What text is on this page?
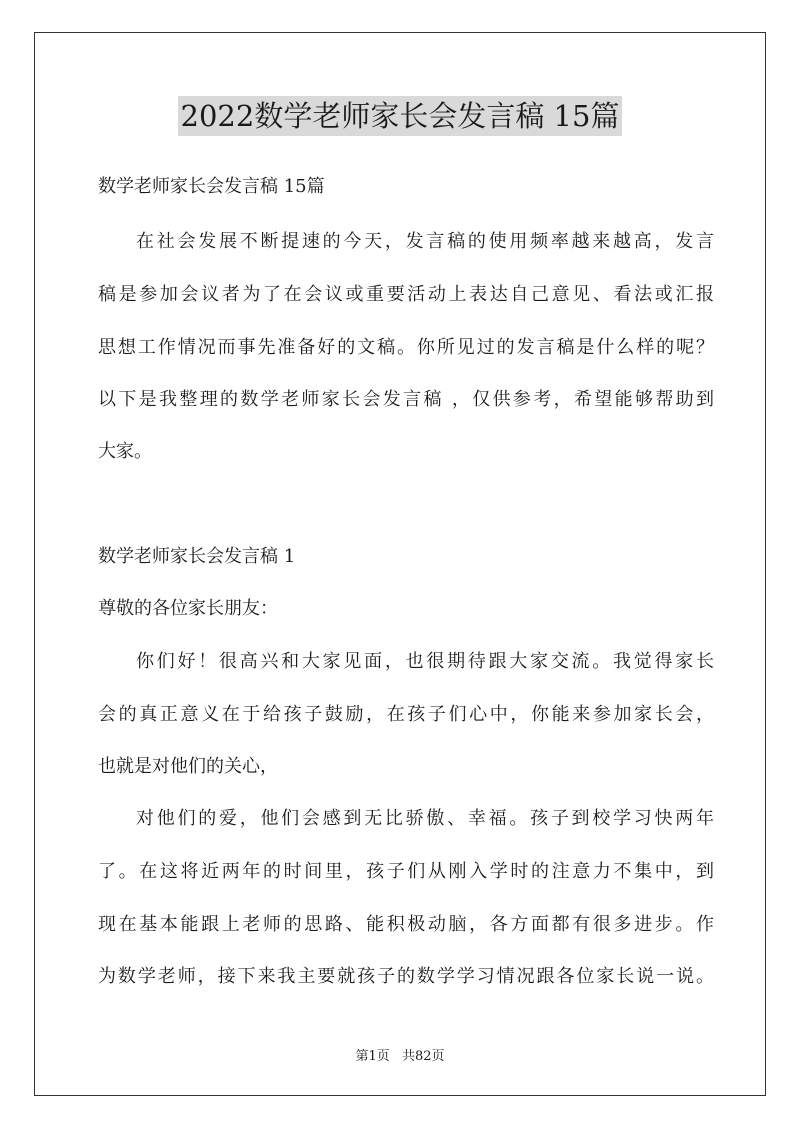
2022数学老师家长会发言稿 15篇
数学老师家长会发言稿 15篇
在社会发展不断提速的今天，发言稿的使用频率越来越高，发言
稿是参加会议者为了在会议或重要活动上表达自己意见、看法或汇报
思想工作情况而事先准备好的文稿。你所见过的发言稿是什么样的呢？
以下是我整理的数学老师家长会发言稿 ，仅供参考，希望能够帮助到
大家。
数学老师家长会发言稿 1
尊敬的各位家长朋友：
你们好！很高兴和大家见面，也很期待跟大家交流。我觉得家长
会的真正意义在于给孩子鼓励，在孩子们心中，你能来参加家长会，
也就是对他们的关心，
对他们的爱，他们会感到无比骄傲、幸福。孩子到校学习快两年
了。在这将近两年的时间里，孩子们从刚入学时的注意力不集中，到
现在基本能跟上老师的思路、能积极动脑，各方面都有很多进步。作
为数学老师，接下来我主要就孩子的数学学习情况跟各位家长说一说。
第1页 共82页
